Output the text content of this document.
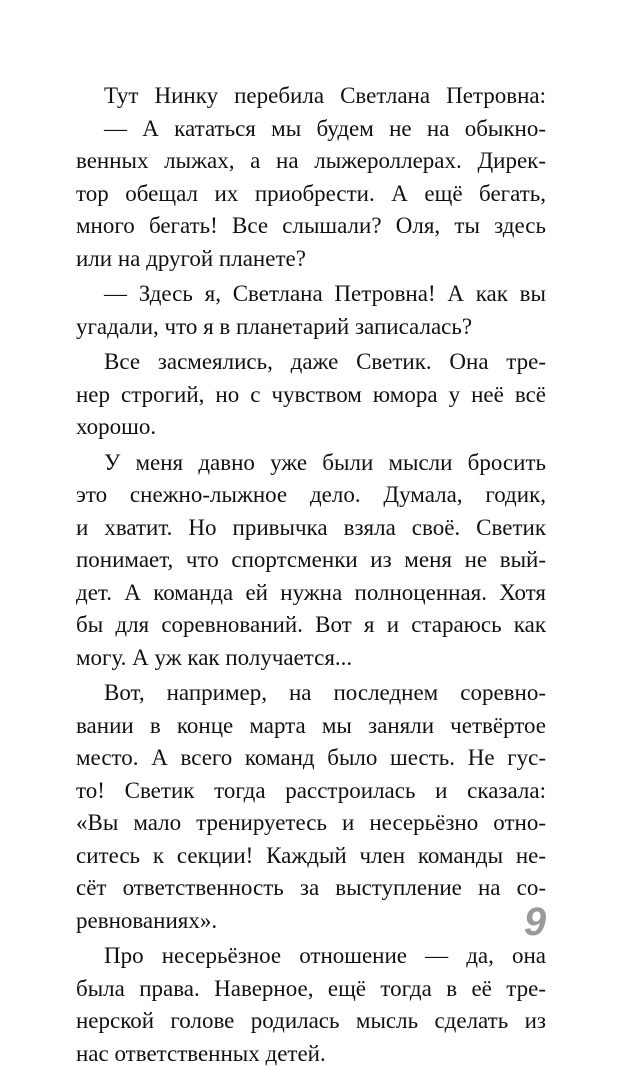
Тут Нинку перебила Светлана Петровна:
— А кататься мы будем не на обыкно-
венных лыжах, а на лыжероллерах. Дирек-
тор обещал их приобрести. А ещё бегать,
много бегать! Все слышали? Оля, ты здесь
или на другой планете?
— Здесь я, Светлана Петровна! А как вы
угадали, что я в планетарий записалась?
Все засмеялись, даже Светик. Она тре-
нер строгий, но с чувством юмора у неё всё
хорошо.
У меня давно уже были мысли бросить
это снежно-лыжное дело. Думала, годик,
и хватит. Но привычка взяла своё. Светик
понимает, что спортсменки из меня не вый-
дет. А команда ей нужна полноценная. Хотя
бы для соревнований. Вот я и стараюсь как
могу. А уж как получается...
Вот, например, на последнем соревно-
вании в конце марта мы заняли четвёртое
место. А всего команд было шесть. Не гус-
то! Светик тогда расстроилась и сказала:
«Вы мало тренируетесь и несерьёзно отно-
ситесь к секции! Каждый член команды не-
сёт ответственность за выступление на со-
ревнованиях».
Про несерьёзное отношение — да, она
была права. Наверное, ещё тогда в её тре-
нерской голове родилась мысль сделать из
нас ответственных детей.
9
